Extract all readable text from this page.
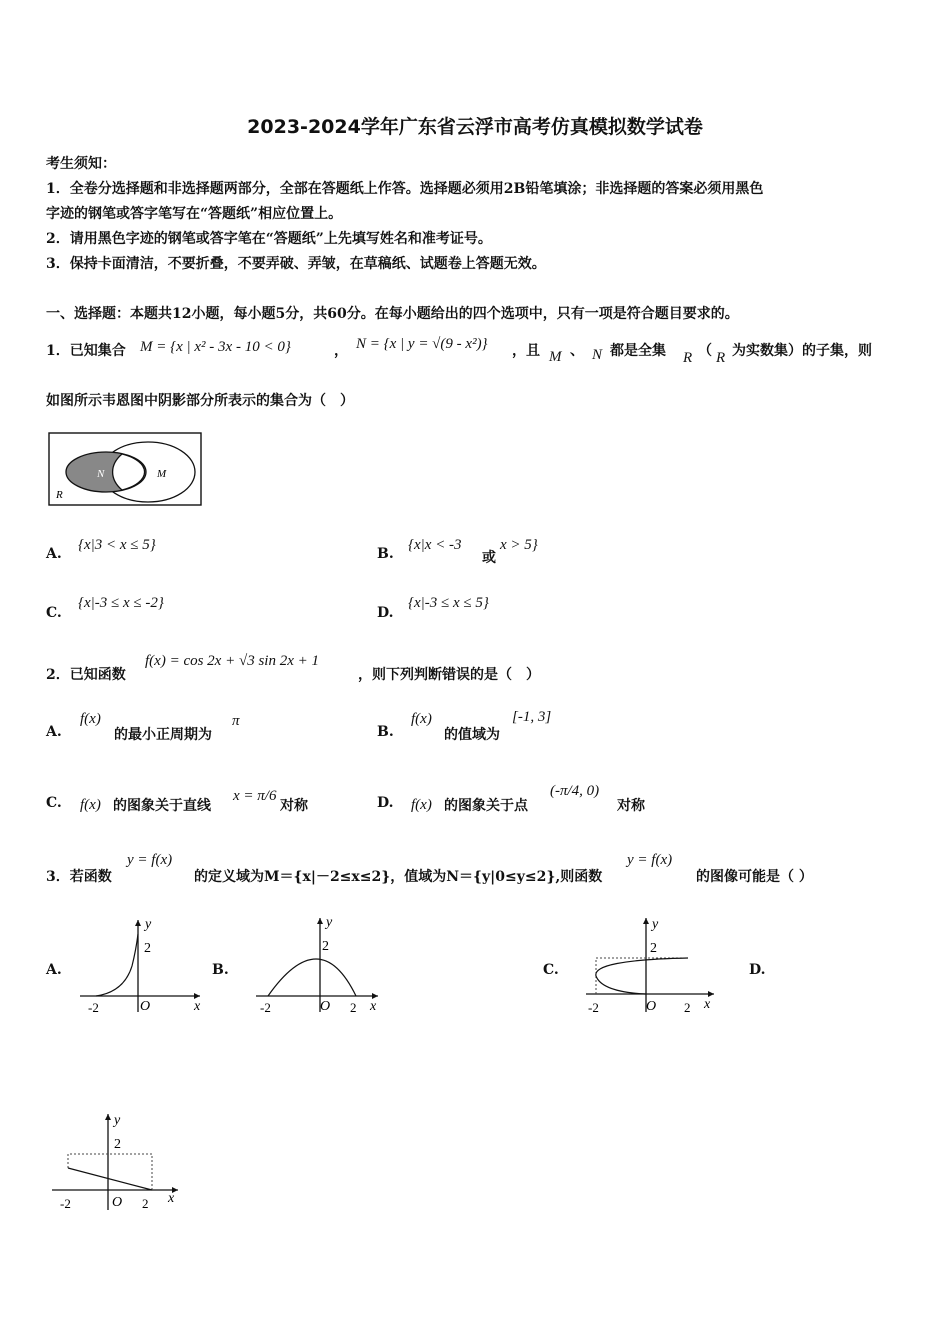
2023-2024学年广东省云浮市高考仿真模拟数学试卷
考生须知：
1．全卷分选择题和非选择题两部分，全部在答题纸上作答。选择题必须用2B铅笔填涂；非选择题的答案必须用黑色
字迹的钢笔或答字笔写在“答题纸”相应位置上。
2．请用黑色字迹的钢笔或答字笔在“答题纸”上先填写姓名和准考证号。
3．保持卡面清洁，不要折叠，不要弄破、弄皱，在草稿纸、试题卷上答题无效。
一、选择题：本题共12小题，每小题5分，共60分。在每小题给出的四个选项中，只有一项是符合题目要求的。
1．已知集合 M = {x | x² - 3x - 10 < 0}	， N = {x | y = √(9 - x²)} ，且 M 、 N 都是全集 R （ R 为实数集）的子集，则
如图所示韦恩图中阴影部分所表示的集合为（　）
N	M
R
A.
{x|3 < x ≤ 5}
B.
{x|x < -3
或
x > 5}
C.
{x|-3 ≤ x ≤ -2}
D.
{x|-3 ≤ x ≤ 5}
2．已知函数
f(x) = cos 2x + √3 sin 2x + 1
，则下列判断错误的是（　）
A.
f(x)
的最小正周期为
π
B.
f(x)
的值域为
[-1, 3]
C. f(x) 的图象关于直线
x = π/6
对称	D. f(x) 的图象关于点
(-π/4, 0)
对称
3．若函数
y = f(x)
的定义域为M＝{x|－2≤x≤2}，值域为N＝{y|0≤y≤2},则函数
y = f(x)
的图像可能是（ ）
A.	B.	C.	D.
y
2
-2	O	x
y
2
-2	O 2 x
y
2
-2	O 2 x
y
2
-2	O 2 x
